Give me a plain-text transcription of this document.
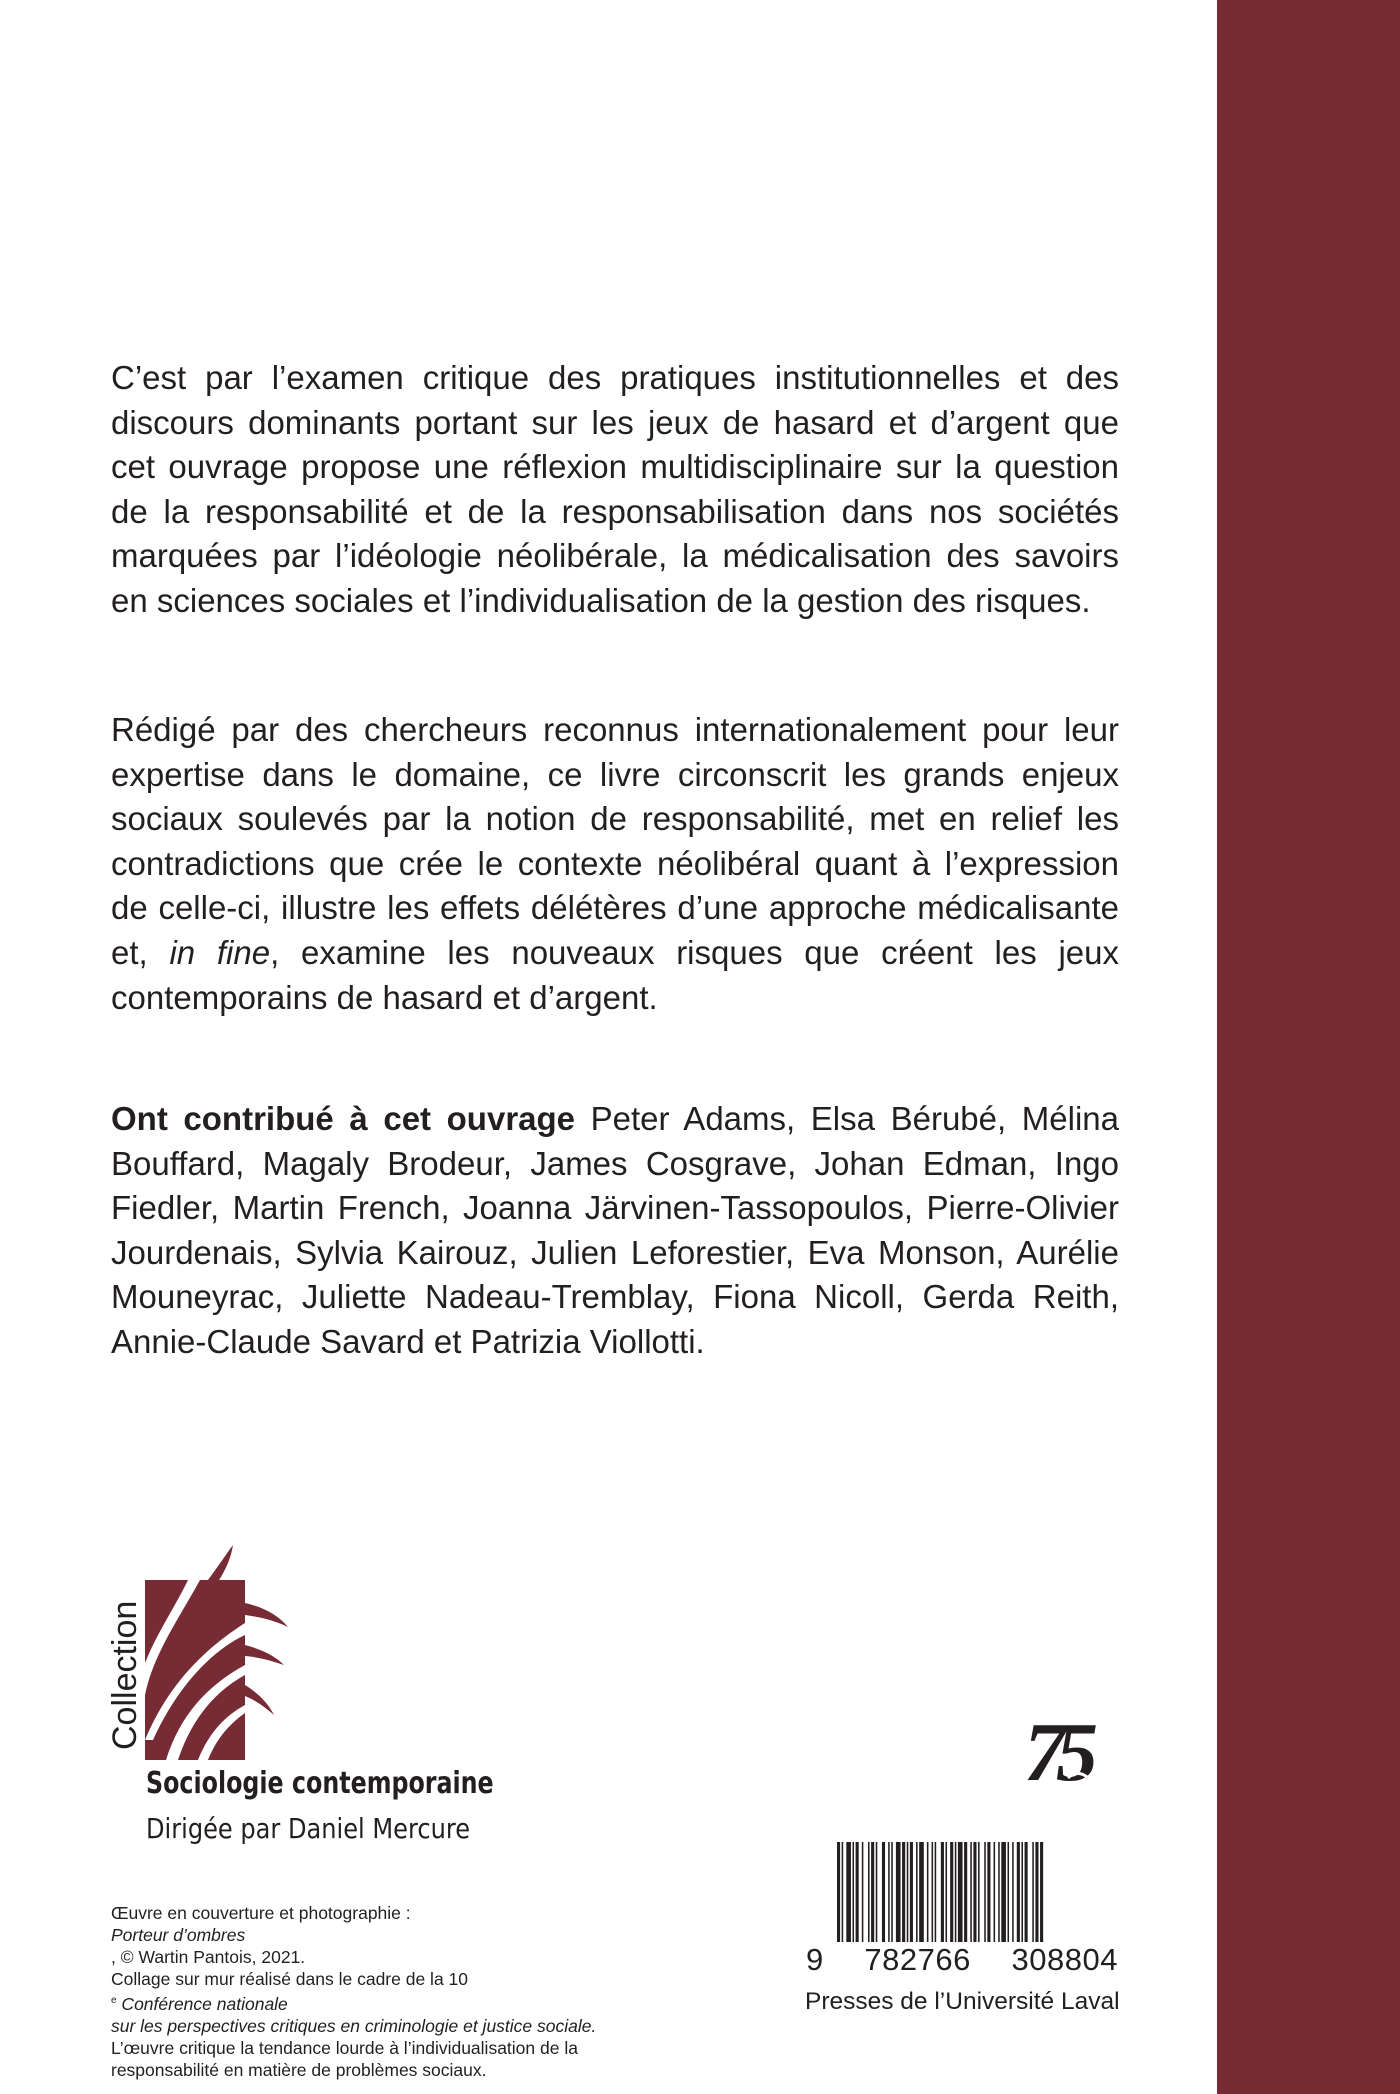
C’est par l’examen critique des pratiques institutionnelles et des discours dominants portant sur les jeux de hasard et d’argent que cet ouvrage propose une réflexion multidisciplinaire sur la question de la responsabilité et de la responsabilisation dans nos sociétés marquées par l’idéologie néolibérale, la médicalisation des savoirs en sciences sociales et l’individualisation de la gestion des risques.

Rédigé par des chercheurs reconnus internationalement pour leur expertise dans le domaine, ce livre circonscrit les grands enjeux sociaux soulevés par la notion de responsabilité, met en relief les contradictions que crée le contexte néolibéral quant à l’expression de celle-ci, illustre les effets délétères d’une approche médicalisante et, in fine, examine les nouveaux risques que créent les jeux contemporains de hasard et d’argent.

Ont contribué à cet ouvrage Peter Adams, Elsa Bérubé, Mélina Bouffard, Magaly Brodeur, James Cosgrave, Johan Edman, Ingo Fiedler, Martin French, Joanna Järvinen-Tassopoulos, Pierre-Olivier Jourdenais, Sylvia Kairouz, Julien Leforestier, Eva Monson, Aurélie Mouneyrac, Juliette Nadeau-Tremblay, Fiona Nicoll, Gerda Reith, Annie-Claude Savard et Patrizia Viollotti.

Collection
Sociologie contemporaine
Dirigée par Daniel Mercure
Œuvre en couverture et photographie :
Porteur d’ombres
, © Wartin Pantois, 2021.
Collage sur mur réalisé dans le cadre de la 10
$^e$ Conférence nationale
sur les perspectives critiques en criminologie et justice sociale.
L’œuvre critique la tendance lourde à l’individualisation de la
responsabilité en matière de problèmes sociaux.
75
9 782766 308804
Presses de l’Université Laval
